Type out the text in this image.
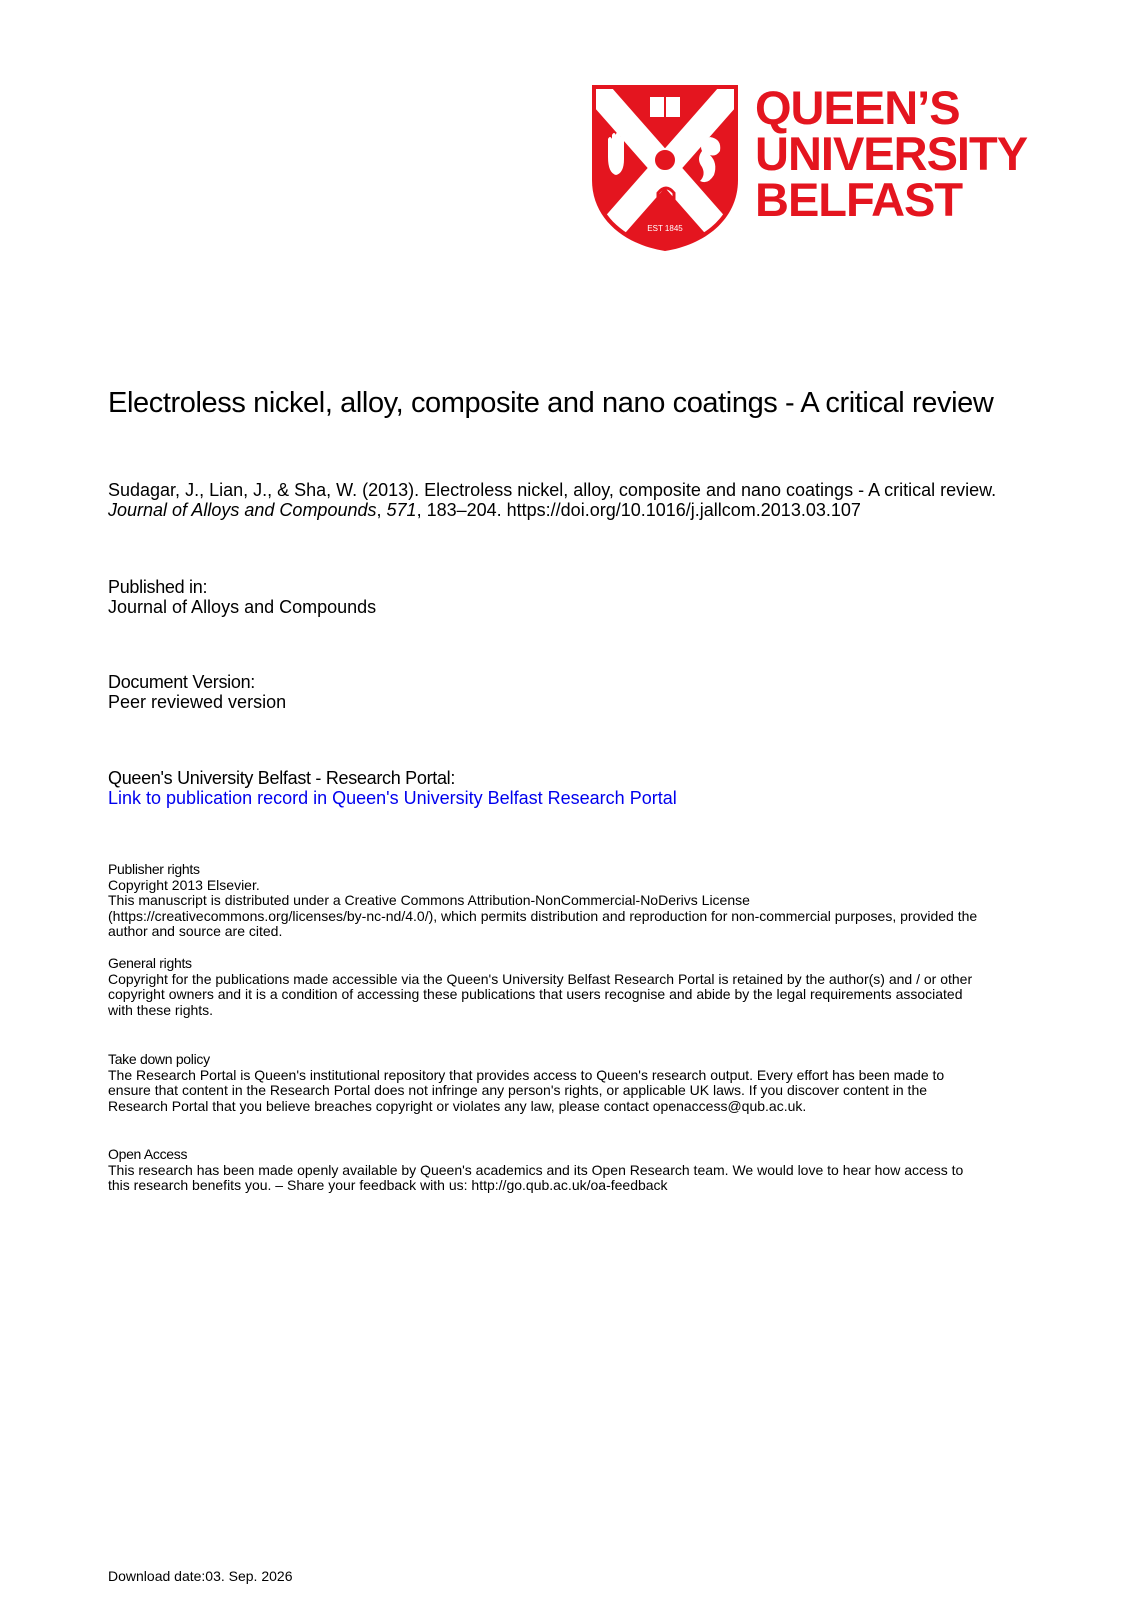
EST 1845
QUEEN’S
UNIVERSITY
BELFAST
Electroless nickel, alloy, composite and nano coatings - A critical review
Sudagar, J., Lian, J., & Sha, W. (2013). Electroless nickel, alloy, composite and nano coatings - A critical review.
Journal of Alloys and Compounds, 571, 183–204. https://doi.org/10.1016/j.jallcom.2013.03.107
Published in:
Journal of Alloys and Compounds
Document Version:
Peer reviewed version
Queen's University Belfast - Research Portal:
Link to publication record in Queen's University Belfast Research Portal
Publisher rights
Copyright 2013 Elsevier.
This manuscript is distributed under a Creative Commons Attribution-NonCommercial-NoDerivs License
(https://creativecommons.org/licenses/by-nc-nd/4.0/), which permits distribution and reproduction for non-commercial purposes, provided the
author and source are cited.
General rights
Copyright for the publications made accessible via the Queen's University Belfast Research Portal is retained by the author(s) and / or other
copyright owners and it is a condition of accessing these publications that users recognise and abide by the legal requirements associated
with these rights.
Take down policy
The Research Portal is Queen's institutional repository that provides access to Queen's research output. Every effort has been made to
ensure that content in the Research Portal does not infringe any person's rights, or applicable UK laws. If you discover content in the
Research Portal that you believe breaches copyright or violates any law, please contact openaccess@qub.ac.uk.
Open Access
This research has been made openly available by Queen's academics and its Open Research team. We would love to hear how access to
this research benefits you. – Share your feedback with us: http://go.qub.ac.uk/oa-feedback
Download date:03. Sep. 2026
